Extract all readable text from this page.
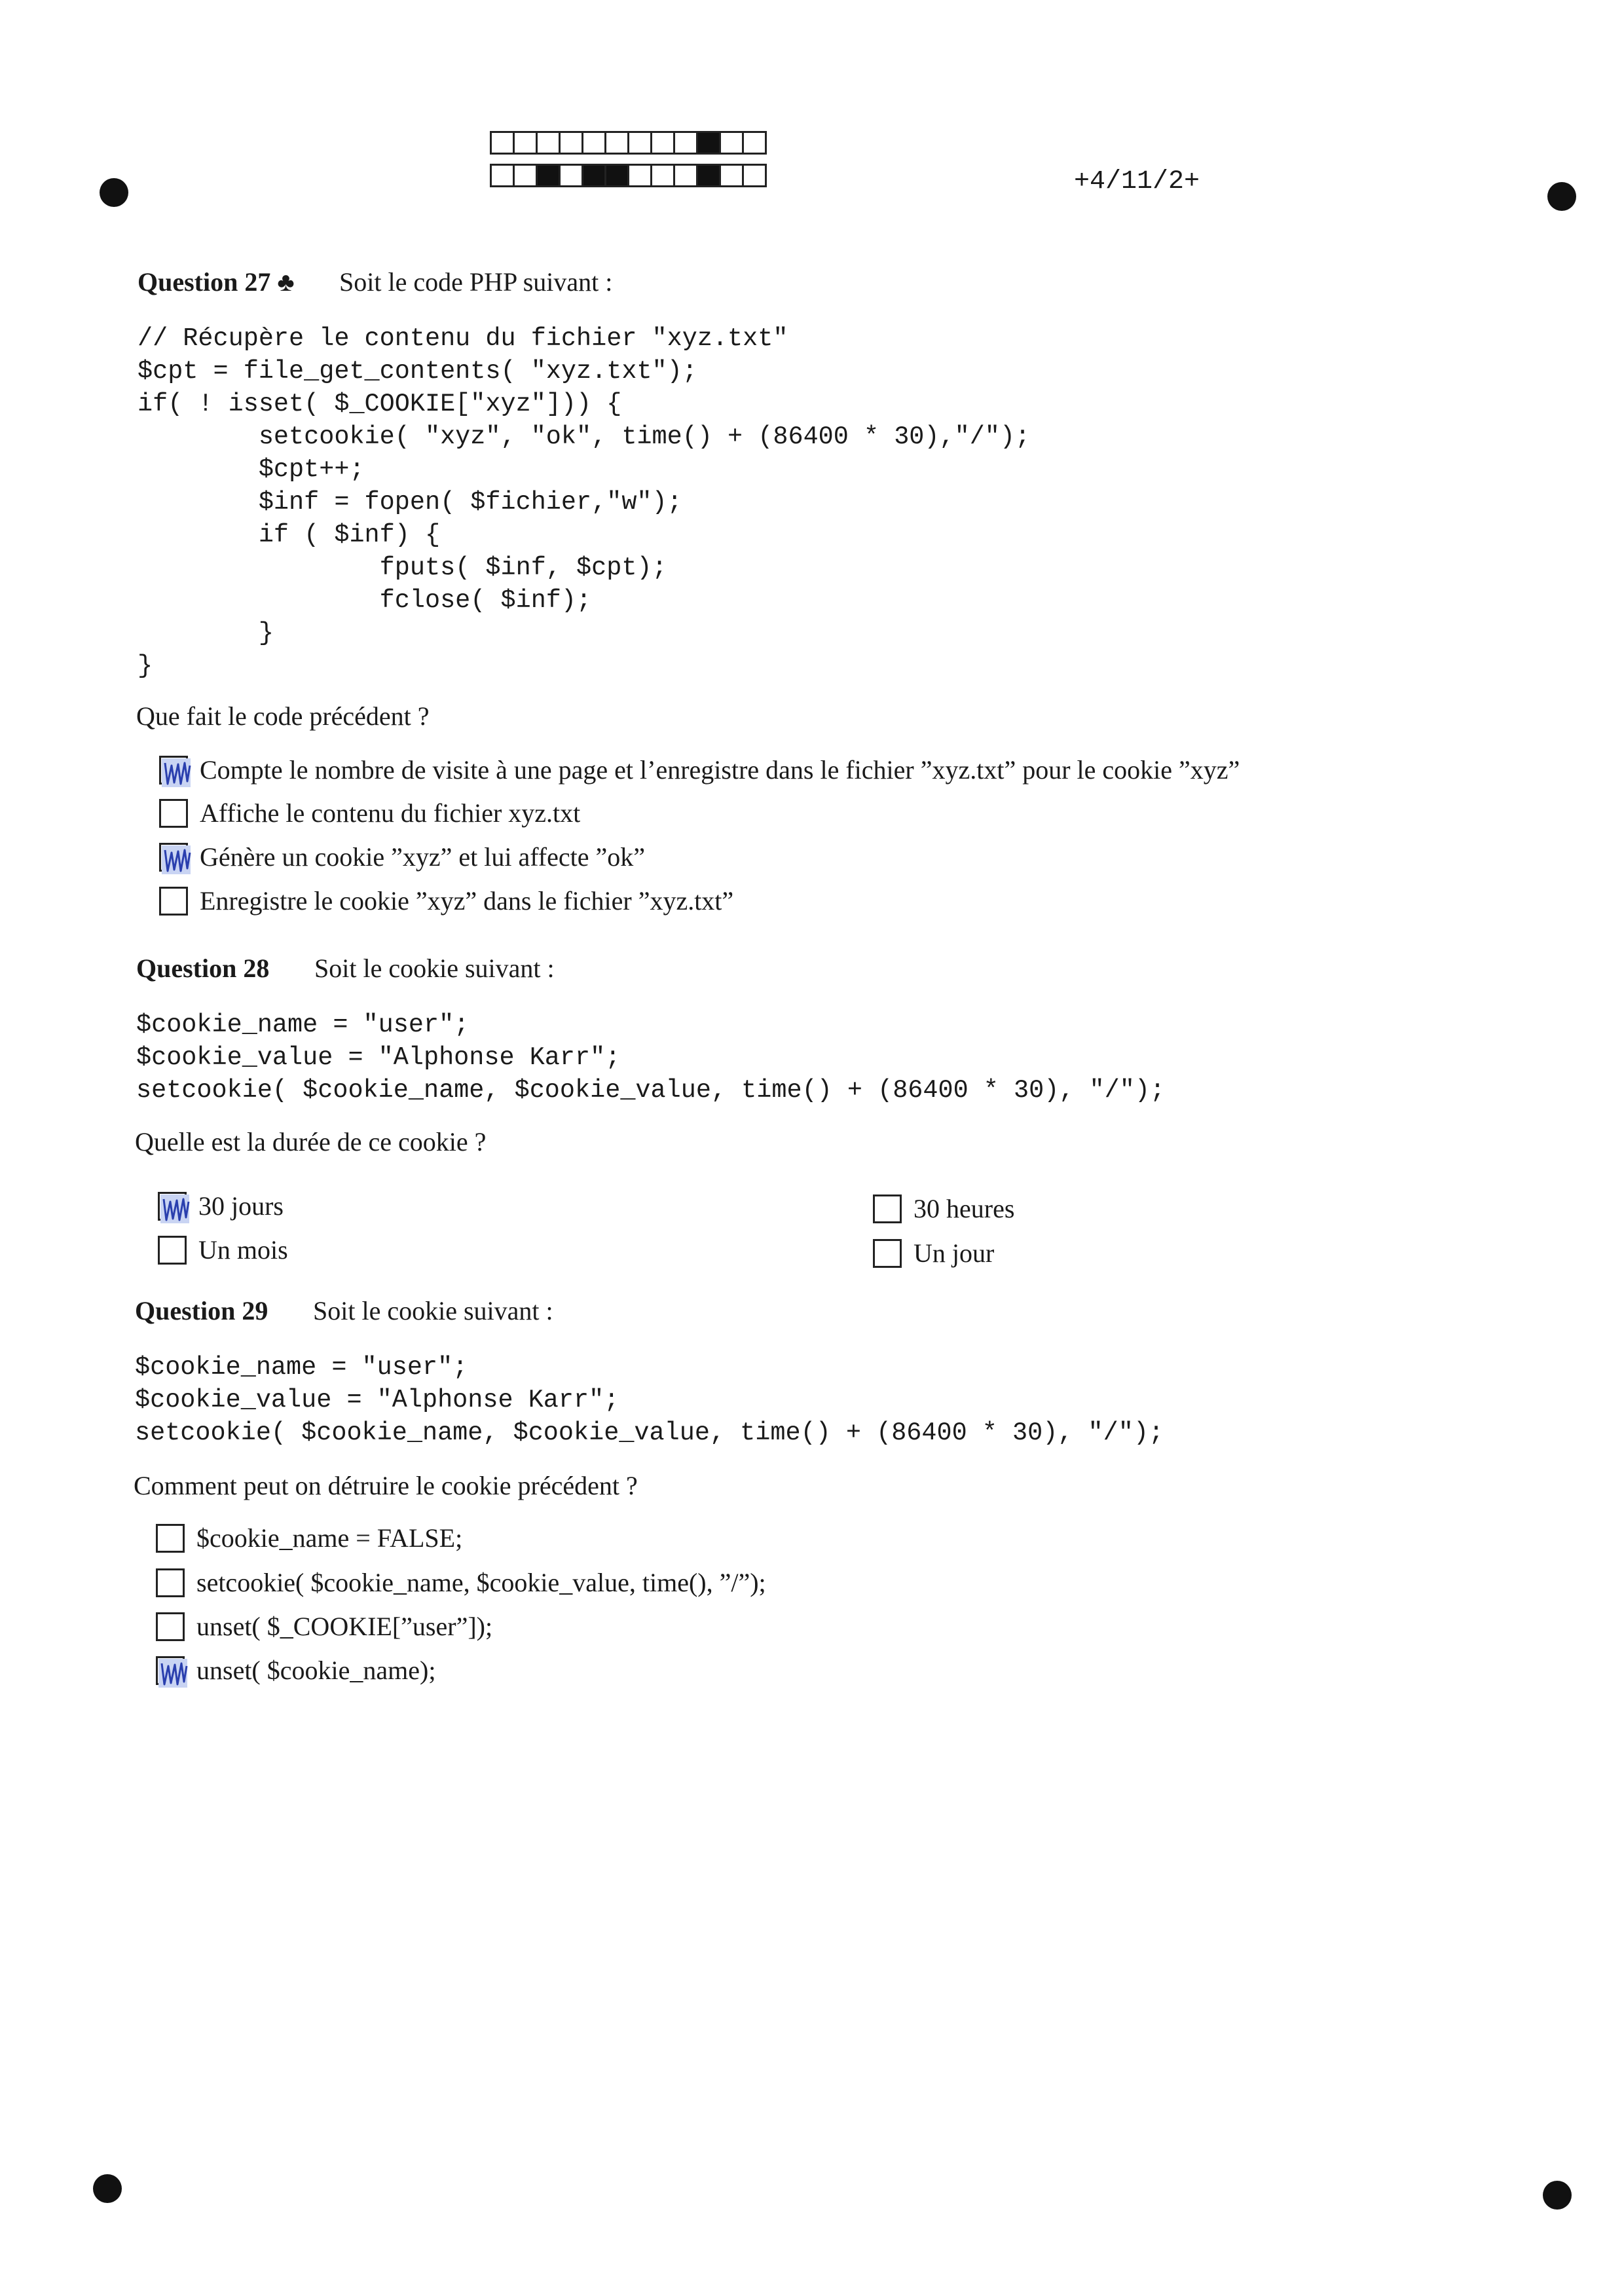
+4/11/2+
Question 27 ♣ Soit le code PHP suivant :
// Récupère le contenu du fichier "xyz.txt"
$cpt = file_get_contents( "xyz.txt");
if( ! isset( $_COOKIE["xyz"])) {
setcookie( "xyz", "ok", time() + (86400 * 30),"/");
$cpt++;
$inf = fopen( $fichier,"w");
if ( $inf) {
fputs( $inf, $cpt);
fclose( $inf);
}
}
Que fait le code précédent ?
Compte le nombre de visite à une page et l’enregistre dans le fichier ”xyz.txt” pour le cookie ”xyz”
Affiche le contenu du fichier xyz.txt
Génère un cookie ”xyz” et lui affecte ”ok”
Enregistre le cookie ”xyz” dans le fichier ”xyz.txt”
Question 28 Soit le cookie suivant :
$cookie_name = "user";
$cookie_value = "Alphonse Karr";
setcookie( $cookie_name, $cookie_value, time() + (86400 * 30), "/");
Quelle est la durée de ce cookie ?
30 jours
Un mois
30 heures
Un jour
Question 29 Soit le cookie suivant :
$cookie_name = "user";
$cookie_value = "Alphonse Karr";
setcookie( $cookie_name, $cookie_value, time() + (86400 * 30), "/");
Comment peut on détruire le cookie précédent ?
$cookie_name = FALSE;
setcookie( $cookie_name, $cookie_value, time(), ”/”);
unset( $_COOKIE[”user”]);
unset( $cookie_name);
